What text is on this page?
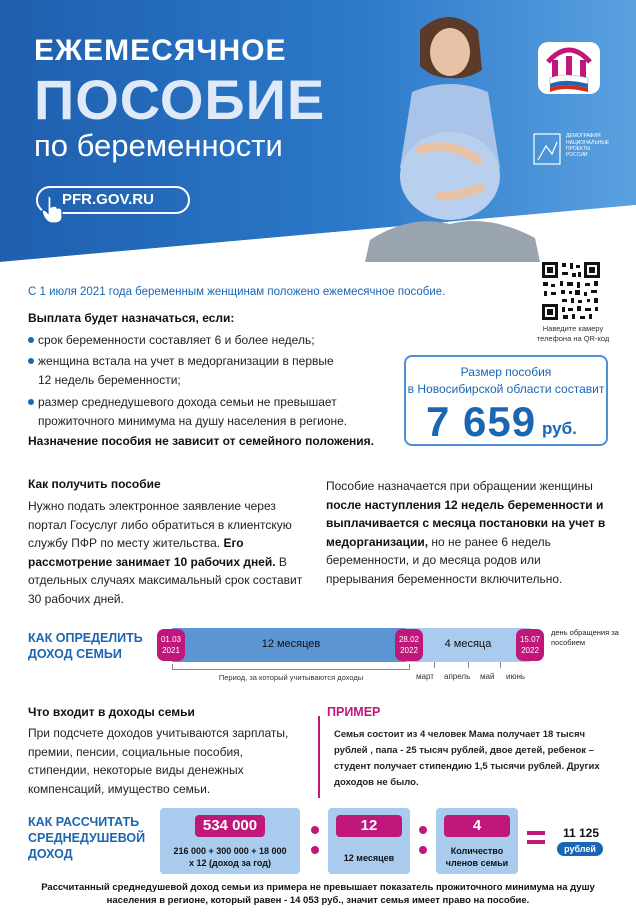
ЕЖЕМЕСЯЧНОЕ
ПОСОБИЕ
по беременности
PFR.GOV.RU
ДЕМОГРАФИЯ
НАЦИОНАЛЬНЫЕ ПРОЕКТЫ РОССИИ
Наведите камеру телефона на QR-код
С 1 июля 2021 года беременным женщинам положено ежемесячное пособие.
Выплата будет назначаться, если:
срок беременности составляет 6 и более недель;
женщина встала на учет в медорганизации в первые
12 недель беременности;
размер среднедушевого дохода семьи не превышает
прожиточного минимума на душу населения в регионе.
Назначение пособия не зависит от семейного положения.
Размер пособия
в Новосибирской области составит
7 659 руб.
Как получить пособие
Нужно подать электронное заявление через портал Госуслуг либо обратиться в клиентскую службу ПФР по месту жительства. Его рассмотрение занимает 10 рабочих дней. В отдельных случаях максимальный срок составит 30 рабочих дней.
Пособие назначается при обращении женщины после наступления 12 недель беременности и выплачивается с месяца постановки на учет в медорганизации, но не ранее 6 недель беременности, и до месяца родов или прерывания беременности включительно.
КАК ОПРЕДЕЛИТЬ
ДОХОД СЕМЬИ
12 месяцев	4 месяца
01.03
2021
28.02
2022
15.07
2022
день обращения за пособием
Период, за который учитываются доходы	март апрель май июнь
Что входит в доходы семьи
При подсчете доходов учитываются зарплаты, премии, пенсии, социальные пособия, стипендии, некоторые виды денежных компенсаций, имущество семьи.
ПРИМЕР
Семья состоит из 4 человек Мама получает 18 тысяч рублей , папа - 25 тысяч рублей, двое детей, ребенок – студент получает стипендию 1,5 тысячи рублей. Других доходов не было.
КАК РАССЧИТАТЬ
СРЕДНЕДУШЕВОЙ
ДОХОД
534 000
216 000 + 300 000 + 18 000
х 12 (доход за год)
12
12 месяцев
4
Количество
членов семьи
11 125
рублей
Рассчитанный среднедушевой доход семьи из примера не превышает показатель прожиточного минимума на душу
населения в регионе, который равен - 14 053 руб., значит семья имеет право на пособие.
